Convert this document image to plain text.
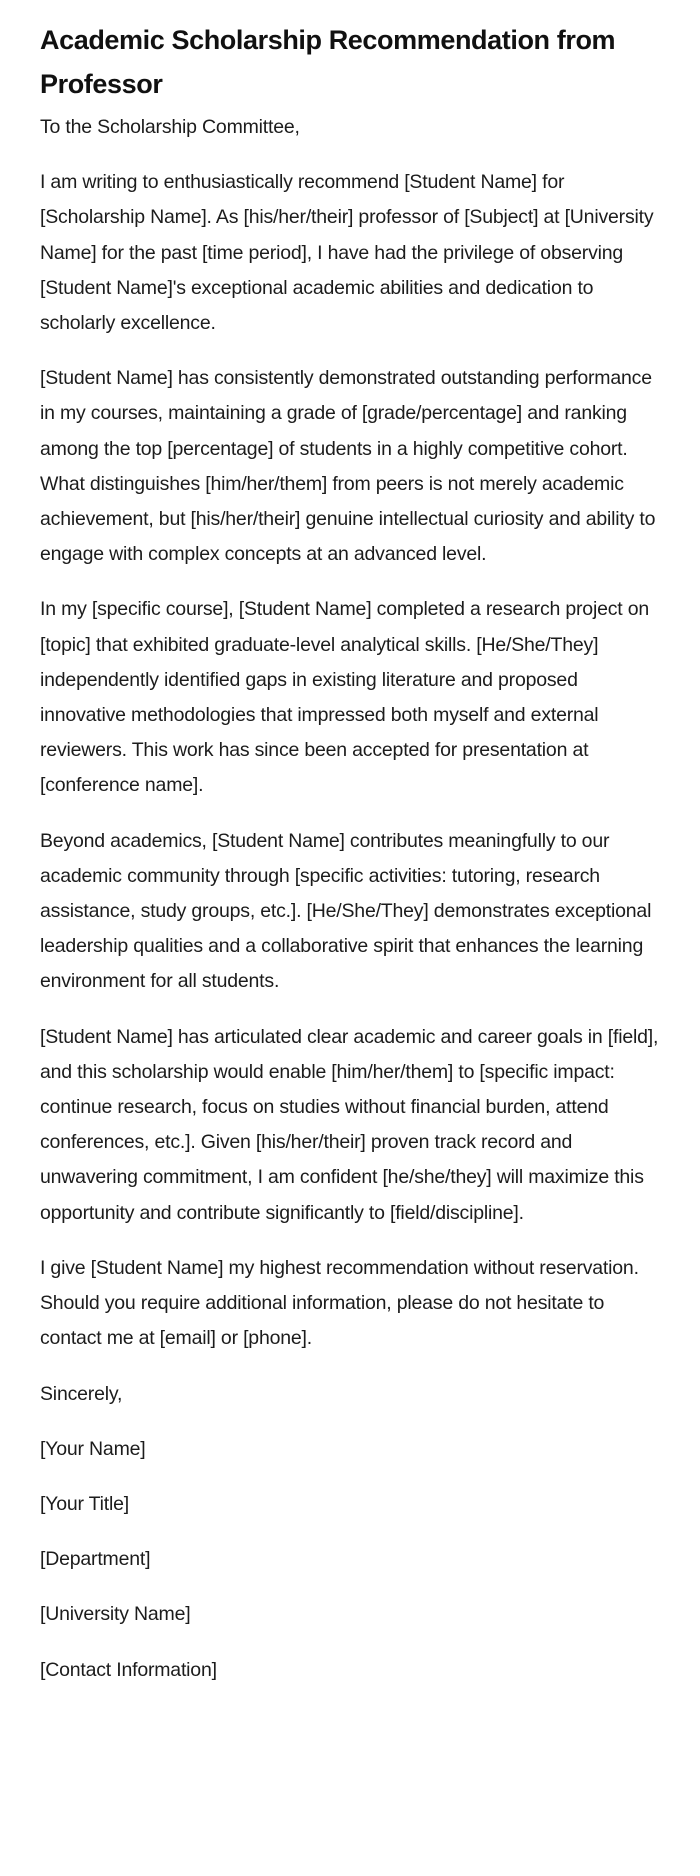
Academic Scholarship Recommendation from Professor

To the Scholarship Committee,

I am writing to enthusiastically recommend [Student Name] for [Scholarship Name]. As [his/her/their] professor of [Subject] at [University Name] for the past [time period], I have had the privilege of observing [Student Name]'s exceptional academic abilities and dedication to scholarly excellence.

[Student Name] has consistently demonstrated outstanding performance in my courses, maintaining a grade of [grade/percentage] and ranking among the top [percentage] of students in a highly competitive cohort. What distinguishes [him/her/them] from peers is not merely academic achievement, but [his/her/their] genuine intellectual curiosity and ability to engage with complex concepts at an advanced level.

In my [specific course], [Student Name] completed a research project on [topic] that exhibited graduate-level analytical skills. [He/She/They] independently identified gaps in existing literature and proposed innovative methodologies that impressed both myself and external reviewers. This work has since been accepted for presentation at [conference name].

Beyond academics, [Student Name] contributes meaningfully to our academic community through [specific activities: tutoring, research assistance, study groups, etc.]. [He/She/They] demonstrates exceptional leadership qualities and a collaborative spirit that enhances the learning environment for all students.

[Student Name] has articulated clear academic and career goals in [field], and this scholarship would enable [him/her/them] to [specific impact: continue research, focus on studies without financial burden, attend conferences, etc.]. Given [his/her/their] proven track record and unwavering commitment, I am confident [he/she/they] will maximize this opportunity and contribute significantly to [field/discipline].

I give [Student Name] my highest recommendation without reservation. Should you require additional information, please do not hesitate to contact me at [email] or [phone].

Sincerely,

[Your Name]

[Your Title]

[Department]

[University Name]

[Contact Information]
